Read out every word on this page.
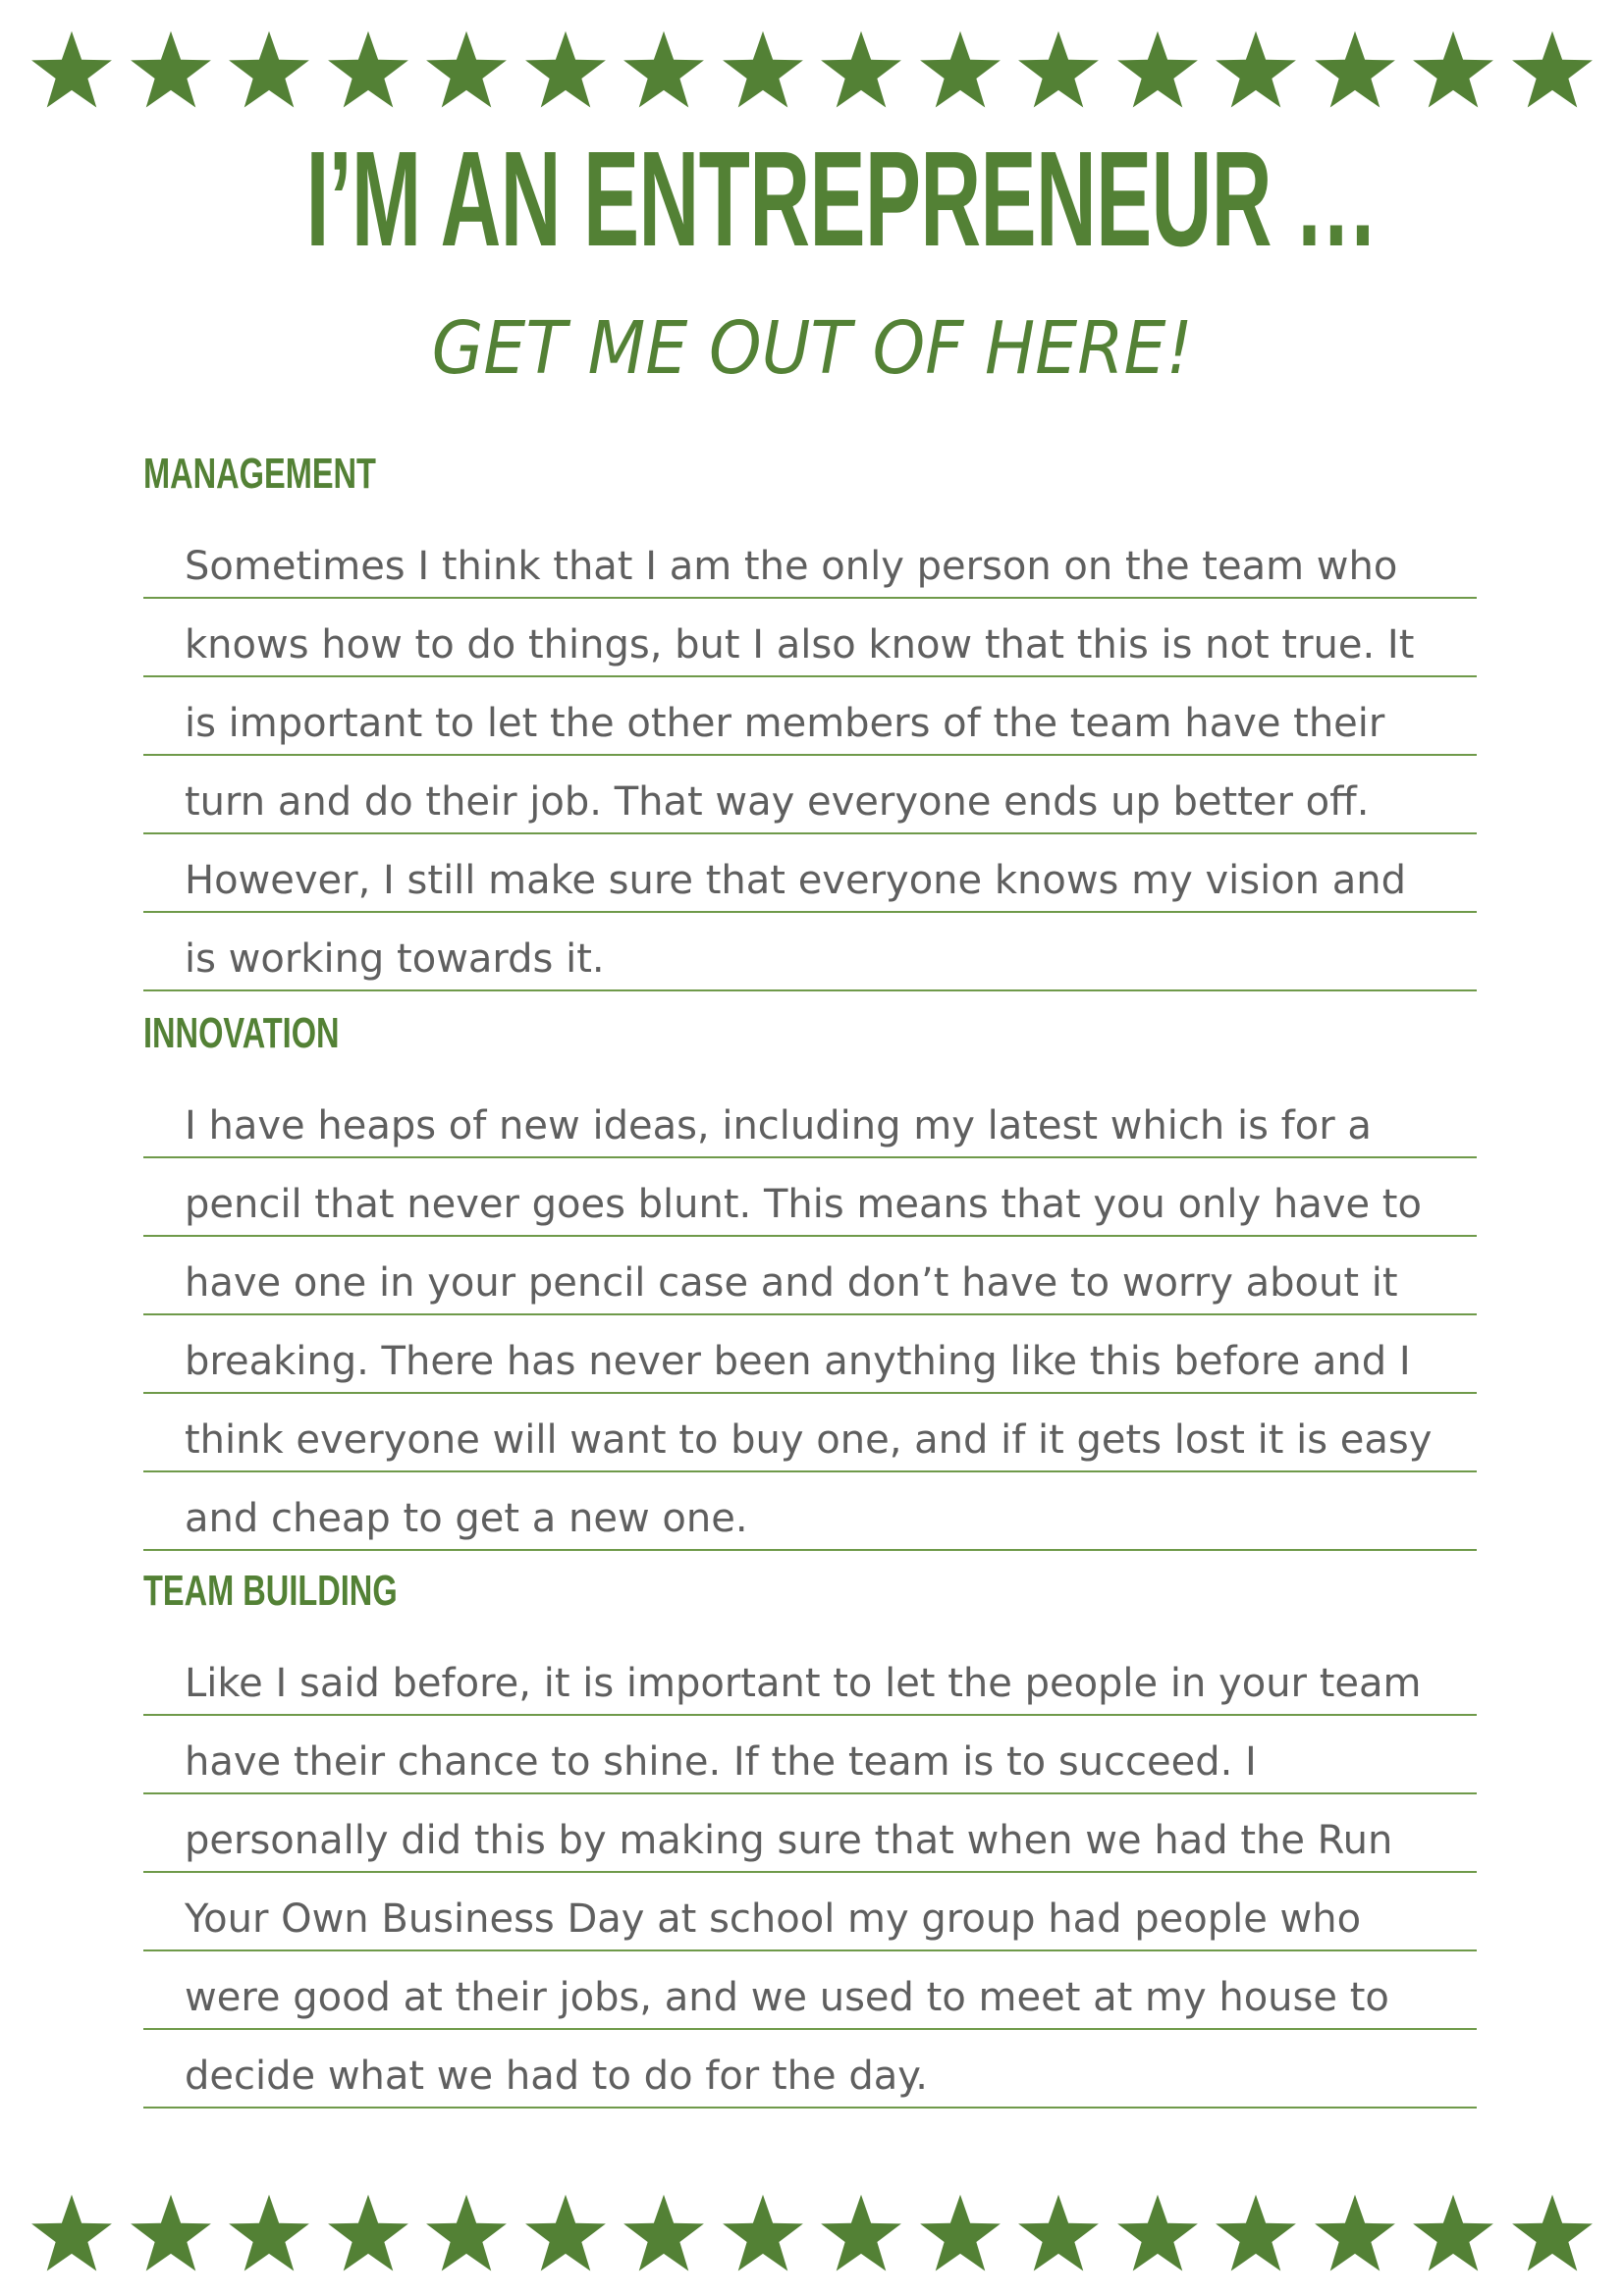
I’M AN ENTREPRENEUR …
GET ME OUT OF HERE!
MANAGEMENT
Sometimes I think that I am the only person on the team who
knows how to do things, but I also know that this is not true. It
is important to let the other members of the team have their
turn and do their job. That way everyone ends up better off.
However, I still make sure that everyone knows my vision and
is working towards it.
INNOVATION
I have heaps of new ideas, including my latest which is for a
pencil that never goes blunt. This means that you only have to
have one in your pencil case and don’t have to worry about it
breaking. There has never been anything like this before and I
think everyone will want to buy one, and if it gets lost it is easy
and cheap to get a new one.
TEAM BUILDING
Like I said before, it is important to let the people in your team
have their chance to shine. If the team is to succeed. I
personally did this by making sure that when we had the Run
Your Own Business Day at school my group had people who
were good at their jobs, and we used to meet at my house to
decide what we had to do for the day.
